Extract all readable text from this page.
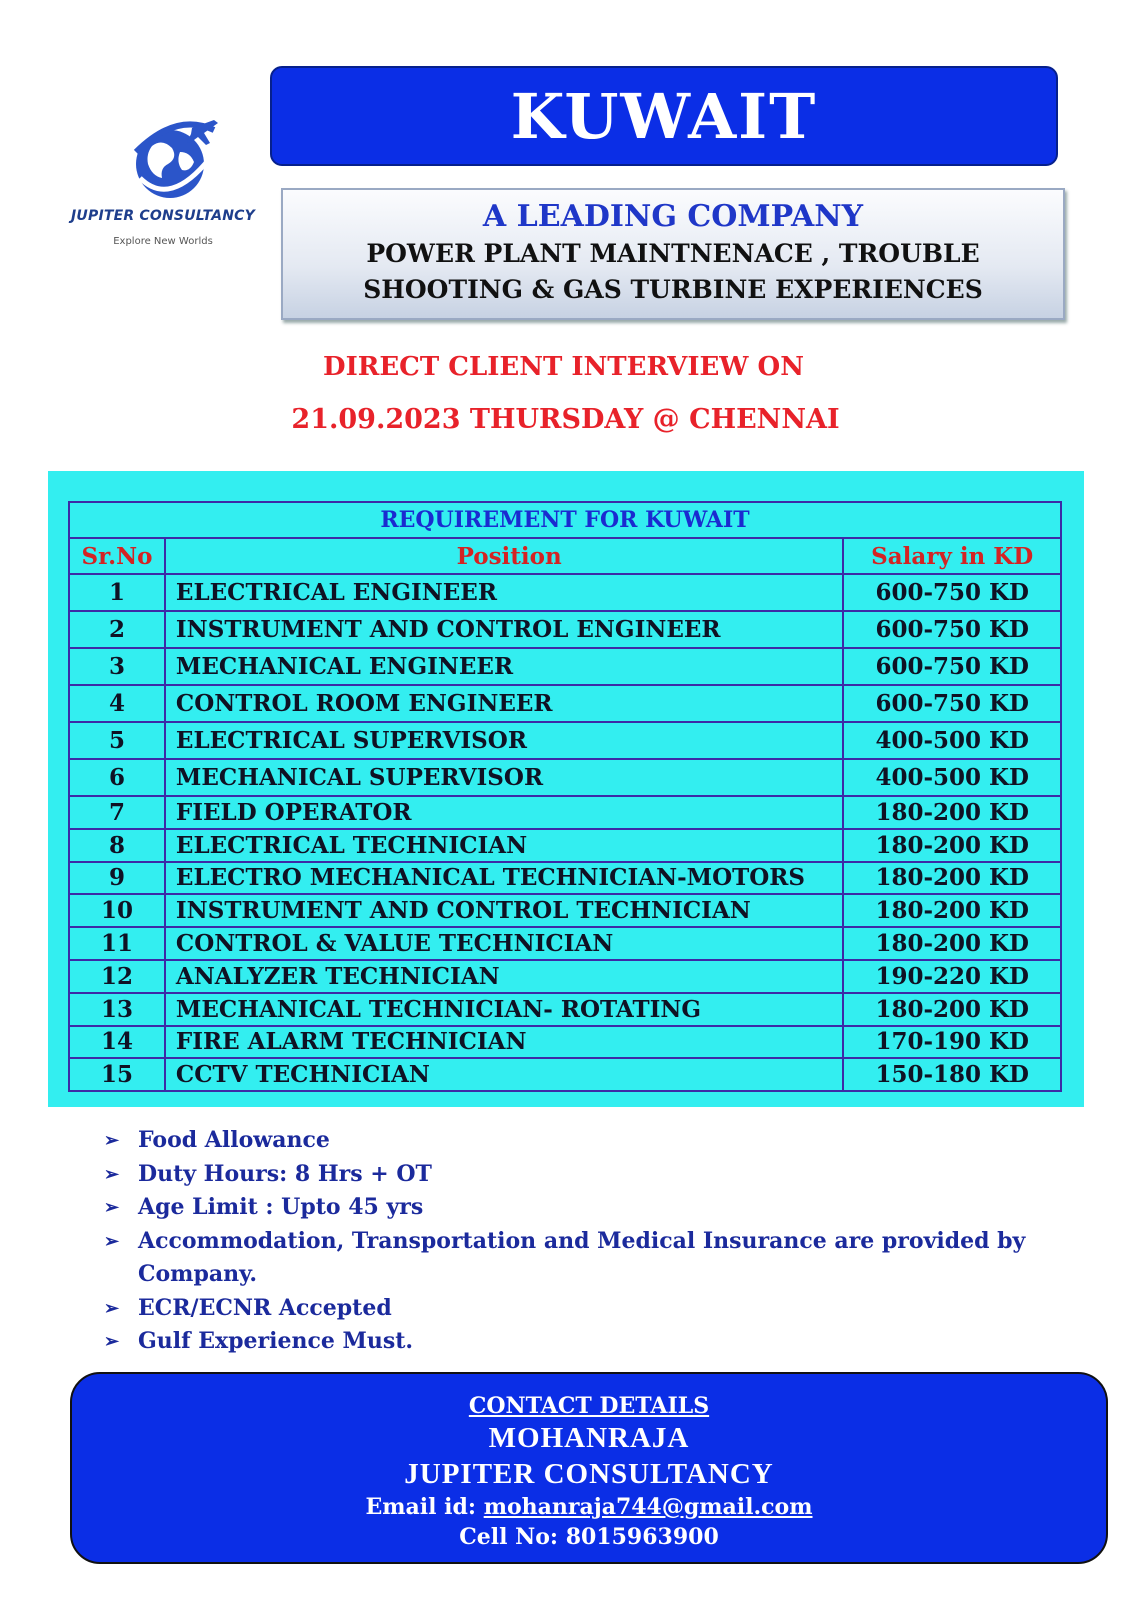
JUPITER CONSULTANCY
Explore New Worlds
KUWAIT
A LEADING COMPANY
POWER PLANT MAINTNENACE , TROUBLE
SHOOTING & GAS TURBINE EXPERIENCES
DIRECT CLIENT INTERVIEW ON
21.09.2023 THURSDAY @ CHENNAI
REQUIREMENT FOR KUWAIT		
Sr.No	Position	Salary in KD
1	ELECTRICAL ENGINEER	600-750 KD
2	INSTRUMENT AND CONTROL ENGINEER	600-750 KD
3	MECHANICAL ENGINEER	600-750 KD
4	CONTROL ROOM ENGINEER	600-750 KD
5	ELECTRICAL SUPERVISOR	400-500 KD
6	MECHANICAL SUPERVISOR	400-500 KD
7	FIELD OPERATOR	180-200 KD
8	ELECTRICAL TECHNICIAN	180-200 KD
9	ELECTRO MECHANICAL TECHNICIAN-MOTORS	180-200 KD
10	INSTRUMENT AND CONTROL TECHNICIAN	180-200 KD
11	CONTROL & VALUE TECHNICIAN	180-200 KD
12	ANALYZER TECHNICIAN	190-220 KD
13	MECHANICAL TECHNICIAN- ROTATING	180-200 KD
14	FIRE ALARM TECHNICIAN	170-190 KD
15	CCTV TECHNICIAN	150-180 KD
➢ Food Allowance
➢ Duty Hours: 8 Hrs + OT
➢ Age Limit : Upto 45 yrs
➢ Accommodation, Transportation and Medical Insurance are provided by Company.
➢ ECR/ECNR Accepted
➢ Gulf Experience Must.
CONTACT DETAILS
MOHANRAJA
JUPITER CONSULTANCY
Email id: mohanraja744@gmail.com
Cell No: 8015963900
